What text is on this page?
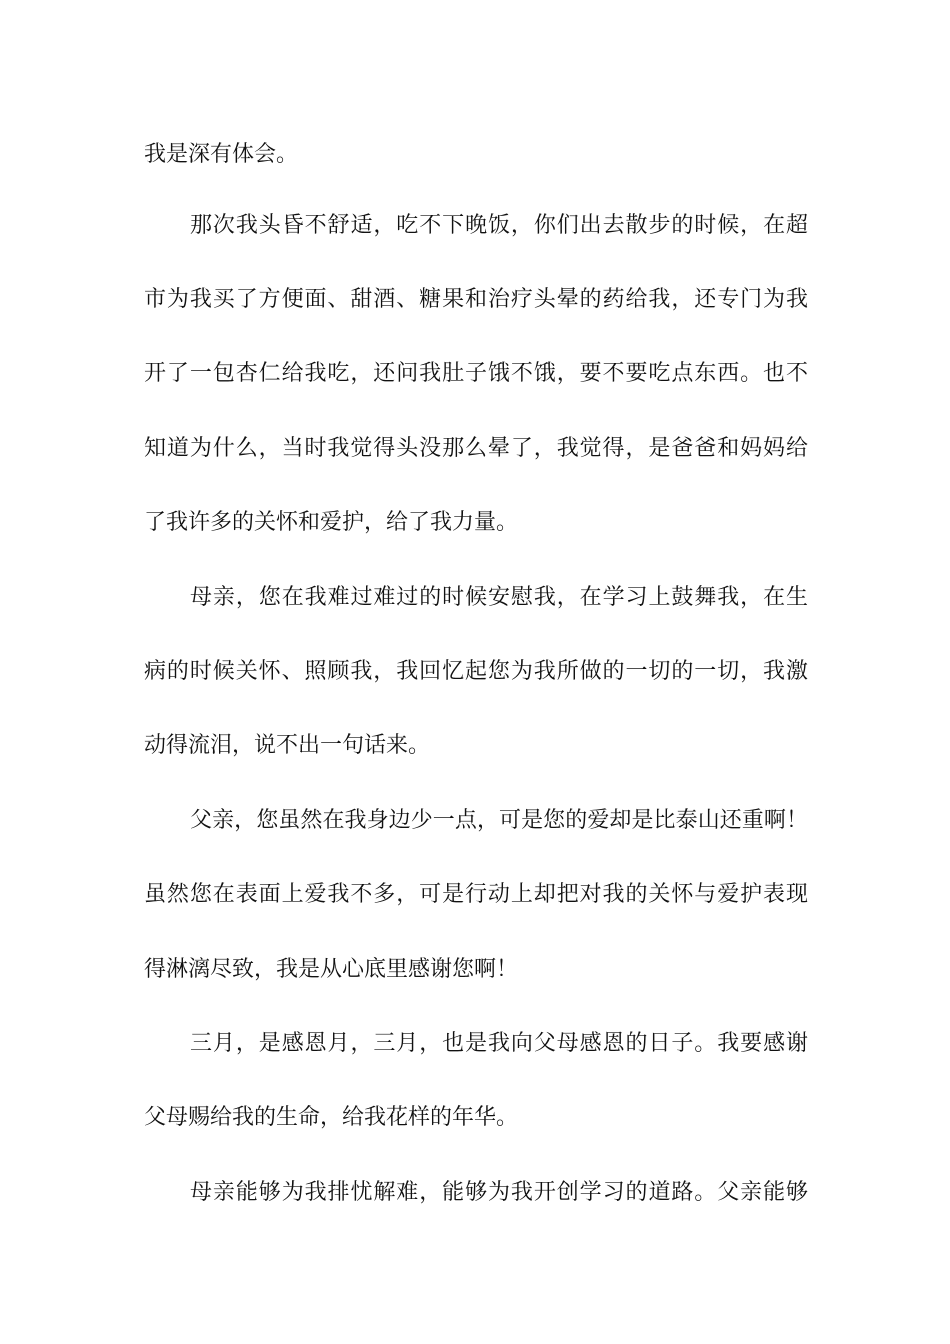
我是深有体会。
那次我头昏不舒适，吃不下晚饭，你们出去散步的时候，在超
市为我买了方便面、甜酒、糖果和治疗头晕的药给我，还专门为我
开了一包杏仁给我吃，还问我肚子饿不饿，要不要吃点东西。也不
知道为什么，当时我觉得头没那么晕了，我觉得，是爸爸和妈妈给
了我许多的关怀和爱护，给了我力量。
母亲，您在我难过难过的时候安慰我，在学习上鼓舞我，在生
病的时候关怀、照顾我，我回忆起您为我所做的一切的一切，我激
动得流泪，说不出一句话来。
父亲，您虽然在我身边少一点，可是您的爱却是比泰山还重啊！
虽然您在表面上爱我不多，可是行动上却把对我的关怀与爱护表现
得淋漓尽致，我是从心底里感谢您啊！
三月，是感恩月，三月，也是我向父母感恩的日子。我要感谢
父母赐给我的生命，给我花样的年华。
母亲能够为我排忧解难，能够为我开创学习的道路。父亲能够
